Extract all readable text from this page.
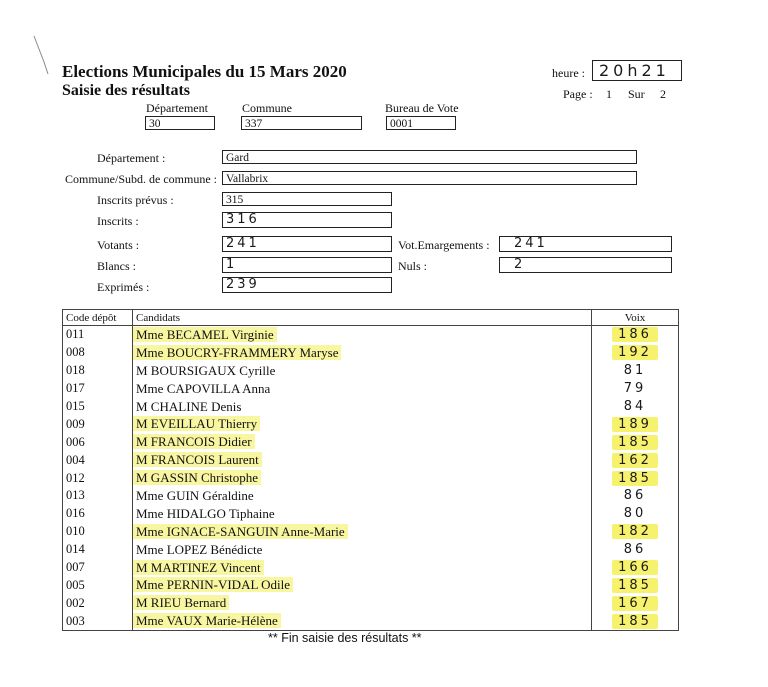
Elections Municipales du 15 Mars 2020
Saisie des résultats
heure : 20h21
Page : 1 Sur 2
Département
30
Commune
337
Bureau de Vote
0001
Département :	Gard
Commune/Subd. de commune : Vallabrix
Inscrits prévus :	315
Inscrits :	316
Votants :	241	Vot.Emargements :	241
Blancs :	1	Nuls :	2
Exprimés :	239
Code dépôt	Candidats	Voix
011	Mme BECAMEL Virginie	186
008	Mme BOUCRY-FRAMMERY Maryse	192
018	M BOURSIGAUX Cyrille	81
017	Mme CAPOVILLA Anna	79
015	M CHALINE Denis	84
009	M EVEILLAU Thierry	189
006	M FRANCOIS Didier	185
004	M FRANCOIS Laurent	162
012	M GASSIN Christophe	185
013	Mme GUIN Géraldine	86
016	Mme HIDALGO Tiphaine	80
010	Mme IGNACE-SANGUIN Anne-Marie	182
014	Mme LOPEZ Bénédicte	86
007	M MARTINEZ Vincent	166
005	Mme PERNIN-VIDAL Odile	185
002	M RIEU Bernard	167
003	Mme VAUX Marie-Hélène	185
** Fin saisie des résultats **
